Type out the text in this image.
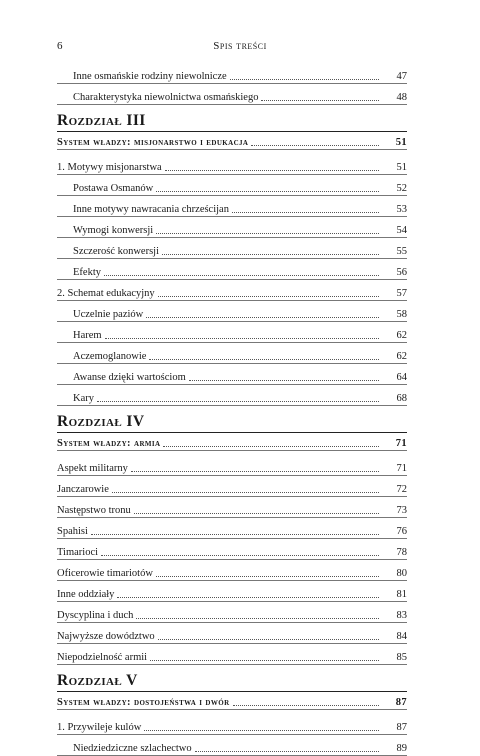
6	Spis treści
Inne osmańskie rodziny niewolnicze	47
Charakterystyka niewolnictwa osmańskiego	48
Rozdział III
System władzy: misjonarstwo i edukacja	51
1. Motywy misjonarstwa	51
Postawa Osmanów	52
Inne motywy nawracania chrześcijan	53
Wymogi konwersji	54
Szczerość konwersji	55
Efekty	56
2. Schemat edukacyjny	57
Uczelnie paziów	58
Harem	62
Aczemoglanowie	62
Awanse dzięki wartościom	64
Kary	68
Rozdział IV
System władzy: armia	71
Aspekt militarny	71
Janczarowie	72
Następstwo tronu	73
Spahisi	76
Timarioci	78
Oficerowie timariotów	80
Inne oddziały	81
Dyscyplina i duch	83
Najwyższe dowództwo	84
Niepodzielność armii	85
Rozdział V
System władzy: dostojeństwa i dwór	87
1. Przywileje kulów	87
Niedziedziczne szlachectwo	89
